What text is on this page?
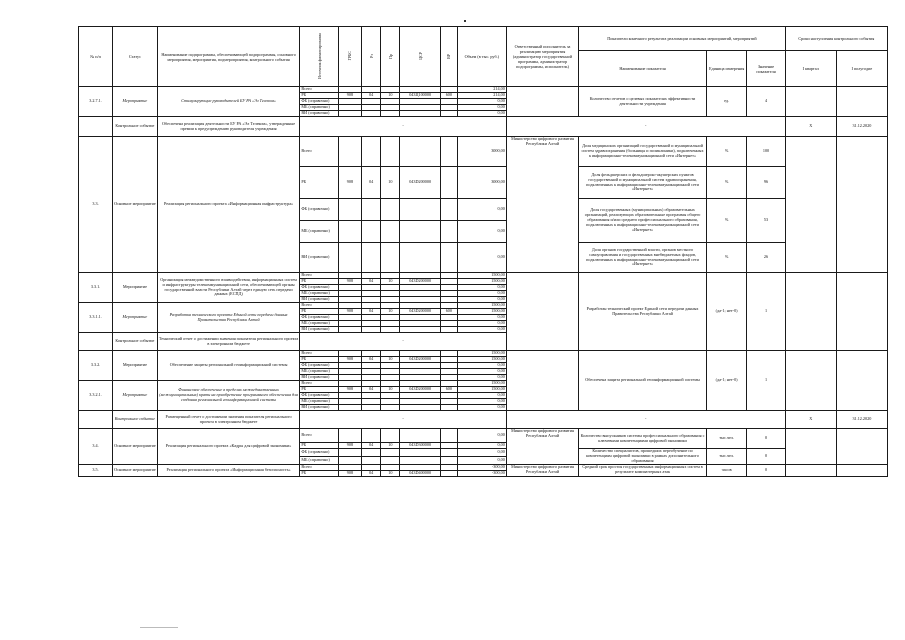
№ п/п	Статус	Наименование подпрограммы, обеспечивающей подпрограммы, основного мероприятия, мероприятия, подмероприятия, контрольного события	Источник финансирования	ГРБС	Рз	Пр	ЦСР	ВР	Объем (в тыс. руб.)	Ответственный исполнитель за реализацию мероприятия (администратор государственной программы, администратор подпрограммы, исполнитель)	Показатели конечного результата реализации основных мероприятий, мероприятий			Сроки наступления контрольного события	
											Наименование показателя	Единица измерения	Значение показателя	I квартал	I полугодие
3.2.7.1.	Мероприятие	Стимулирующие руководителей БУ РА «Эл Телеком»	Всего						214,00		Количество отчетов о целевых показателях эффективности деятельности учреждения	ед.	4		
			РБ	908	04	10	043Ц100000	600	214,00						
			ФБ (справочно)						0,00						
			МБ (справочно)						0,00						
			ВИ (справочно)						0,00						
	Контрольное событие	Обеспечена реализация деятельности БУ РА «Эл Телеком», утвержденные премии к предупреждению руководителя учреждения	-							-				Х	31.12.2020
3.3.	Основное мероприятие	Реализация регионального проекта «Информационная инфраструктура»	Всего						3000,00	Министерство цифрового развития Республики Алтай	Доля медицинских организаций государственной и муниципальной систем здравоохранения (больницы и поликлиники), подключенных к информационно-телекоммуникационной сети «Интернет»	%	100		
			РБ	908	04	10	043D200000		3000,00		Доля фельдшерских и фельдшерско-акушерских пунктов государственной и муниципальной систем здравоохранения, подключенных к информационно-телекоммуникационной сети «Интернет»	%	96		
			ФБ (справочно)						0,00		Доля государственных (муниципальных) образовательных организаций, реализующих образовательные программы общего образования и/или среднего профессионального образования, подключенных к информационно-телекоммуникационной сети «Интернет»	%	53		
			МБ (справочно)						0,00						
			ВИ (справочно)						0,00		Доля органов государственной власти, органов местного самоуправления и государственных внебюджетных фондов, подключенных к информационно-телекоммуникационной сети «Интернет»	%	26		
3.3.1.	Мероприятие	Организация межведомственного взаимодействия, информационных систем и инфраструктуры телекоммуникационной сети, обеспечивающей органы государственной власти Республики Алтай через единую сеть передачи данных (ЕСПД)	Всего						1500,00		Разработан технический проект Единой сети передачи данных Правительства Республики Алтай	(да-1; нет-0)	1		
			РБ	908	04	10	043D200000		1500,00						
			ФБ (справочно)						0,00						
			МБ (справочно)						0,00						
			ВИ (справочно)						0,00						
3.3.1.1.	Мероприятие	Разработка технического проекта Единой сети передачи данных Правительства Республики Алтай	Всего						1500,00						
			РБ	908	04	10	043D200000	600	1500,00						
			ФБ (справочно)						0,00						
			МБ (справочно)						0,00						
			ВИ (справочно)						0,00						
	Контрольное событие	Технический отчет о достижении значения показателя регионального проекта в электронном бюджете	-												
3.3.2.	Мероприятие	Обеспечение защиты региональной геоинформационной системы	Всего						1500,00		Обеспечена защита региональной геоинформационной системы	(да-1; нет-0)	1		
			РБ	908	04	10	043D200000		1500,00						
			ФБ (справочно)						0,00						
			МБ (справочно)						0,00						
			ВИ (справочно)						0,00						
3.3.2.1.	Мероприятие	Финансовое обеспечение в пределах межведомственных (межмуниципальных) кратн на приобретение программного обеспечения для создания региональной геоинформационной системы	Всего						1500,00						
			РБ	908	04	10	043D200000	600	1500,00						
			ФБ (справочно)						0,00						
			МБ (справочно)						0,00						
			ВИ (справочно)						0,00						
	Контрольное событие	Размещенный отчет о достижении значения показателя регионального проекта в электронном бюджете	-							-				Х	31.12.2020
3.4.	Основное мероприятие	Реализация регионального проекта «Кадры для цифровой экономики»	Всего						0,00	Министерство цифрового развития Республики Алтай	Количество выпускников системы профессионального образования с ключевыми компетенциями цифровой экономики	тыс.чел.	0		
			РБ	908	04	10	043D300000		0,00						
			ФБ (справочно)						0,00		Количество специалистов, прошедших переобучение по компетенциям цифровой экономики в рамках дополнительного образования	тыс.чел.	0		
			МБ (справочно)						0,00						
3.5.	Основное мероприятие	Реализация регионального проекта «Информационная безопасность»	Всего						-300,00	Министерство цифрового развития Республики Алтай	Средний срок простоя государственных информационных систем в результате компьютерных атак	часов	0		
			РБ	908	04	10	043D400000		-300,00						
